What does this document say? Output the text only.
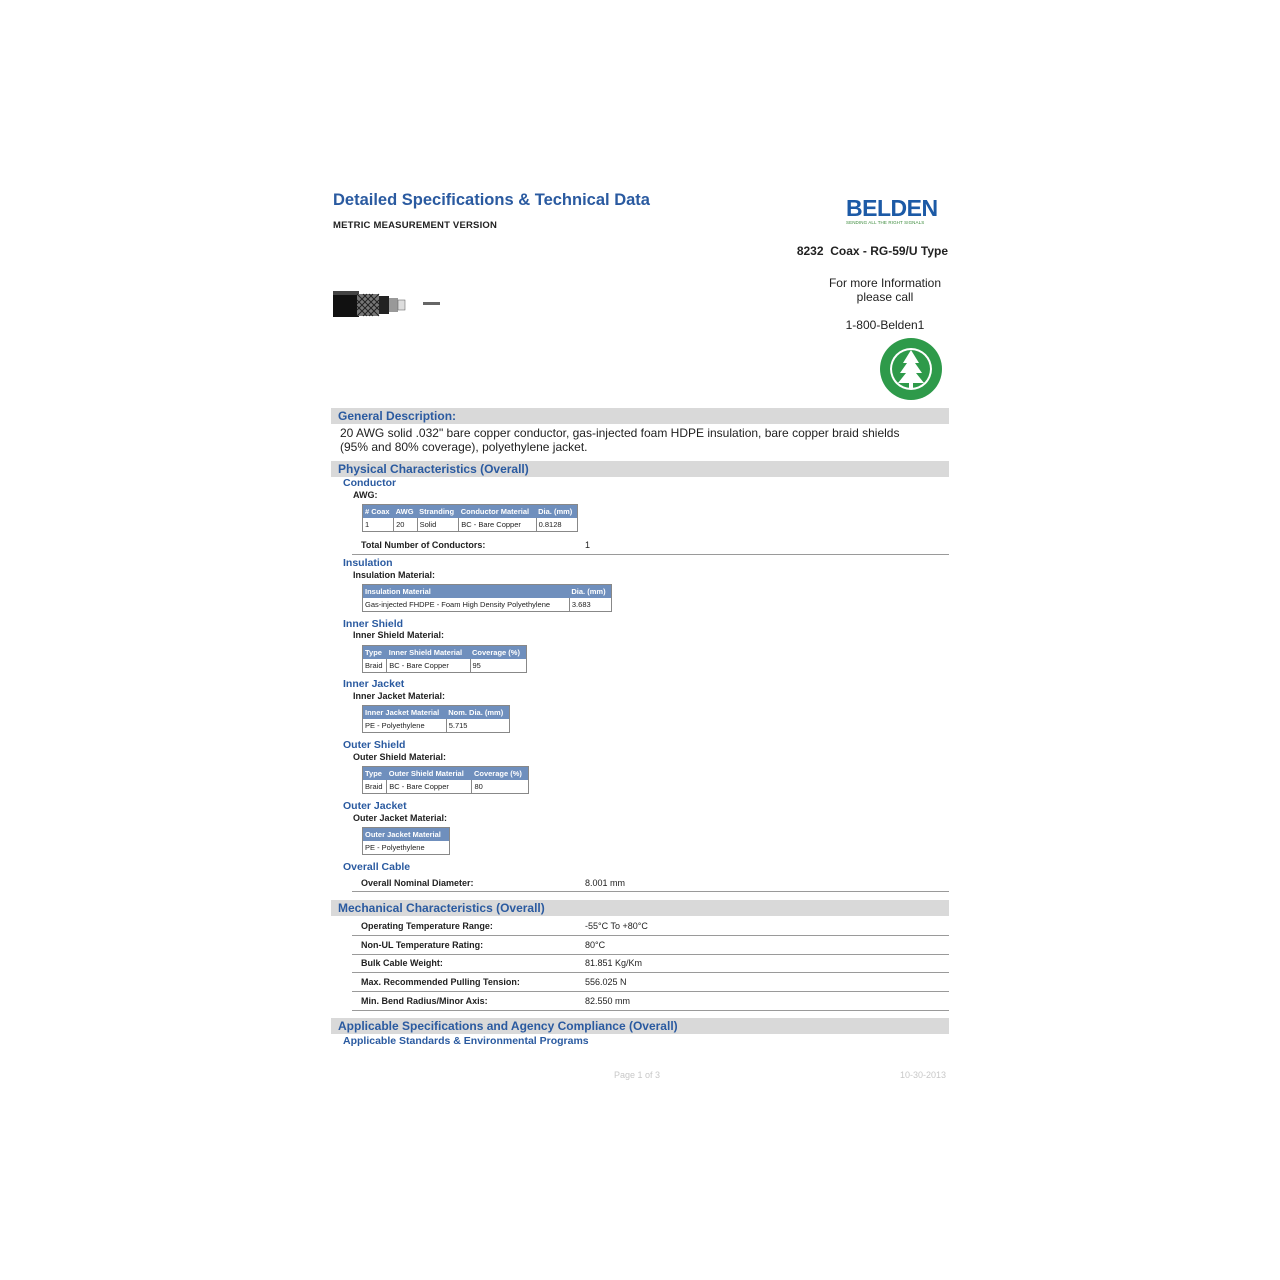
Detailed Specifications & Technical Data
METRIC MEASUREMENT VERSION
BELDEN
SENDING ALL THE RIGHT SIGNALS
8232  Coax - RG-59/U Type
For more Information
please call
1-800-Belden1
General Description:
20 AWG solid .032" bare copper conductor, gas-injected foam HDPE insulation, bare copper braid shields
(95% and 80% coverage), polyethylene jacket.
Physical Characteristics (Overall)
Conductor
AWG:
# Coax	AWG	Stranding	Conductor Material	Dia. (mm)
1	20	Solid	BC - Bare Copper	0.8128
Total Number of Conductors:	1
Insulation
Insulation Material:
Insulation Material	Dia. (mm)
Gas-injected FHDPE - Foam High Density Polyethylene	3.683
Inner Shield
Inner Shield Material:
Type	Inner Shield Material	Coverage (%)
Braid	BC - Bare Copper	95
Inner Jacket
Inner Jacket Material:
Inner Jacket Material	Nom. Dia. (mm)
PE - Polyethylene	5.715
Outer Shield
Outer Shield Material:
Type	Outer Shield Material	Coverage (%)
Braid	BC - Bare Copper	80
Outer Jacket
Outer Jacket Material:
Outer Jacket Material
PE - Polyethylene
Overall Cable
Overall Nominal Diameter:	8.001 mm
Mechanical Characteristics (Overall)
Operating Temperature Range:	-55°C To +80°C
Non-UL Temperature Rating:	80°C
Bulk Cable Weight:	81.851 Kg/Km
Max. Recommended Pulling Tension:	556.025 N
Min. Bend Radius/Minor Axis:	82.550 mm
Applicable Specifications and Agency Compliance (Overall)
Applicable Standards & Environmental Programs
Page 1 of 3	10-30-2013
